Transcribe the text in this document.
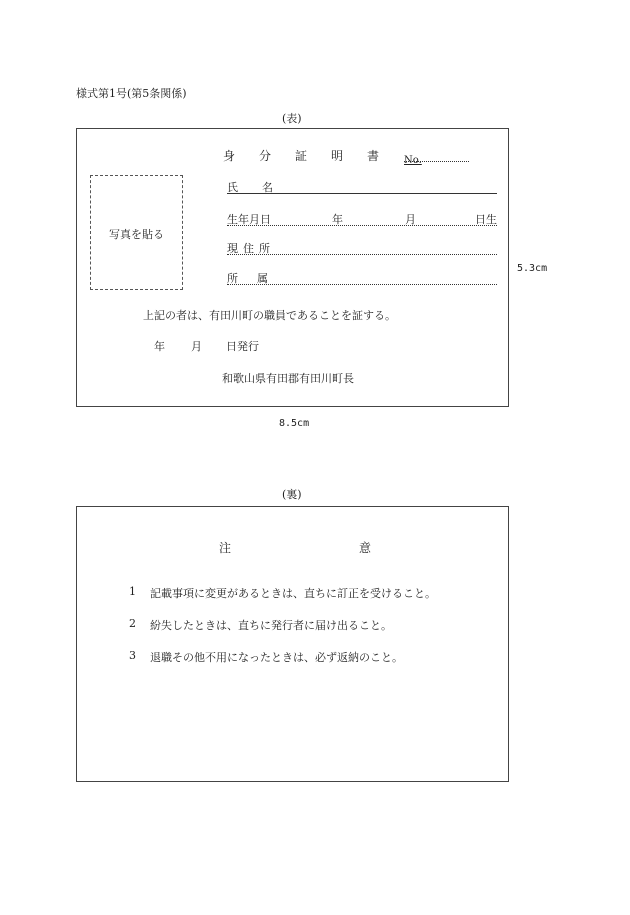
様式第1号(第5条関係)
(表)
写真を貼る
身 分 証 明 書 No.
氏 名
生年月日	年	月	日生
現 住 所
所 属
上記の者は、有田川町の職員であることを証する。
年 月 日発行
和歌山県有田郡有田川町長
5.3cm
8.5cm
(裏)
注	意
1 記載事項に変更があるときは、直ちに訂正を受けること。
2 紛失したときは、直ちに発行者に届け出ること。
3 退職その他不用になったときは、必ず返納のこと。
